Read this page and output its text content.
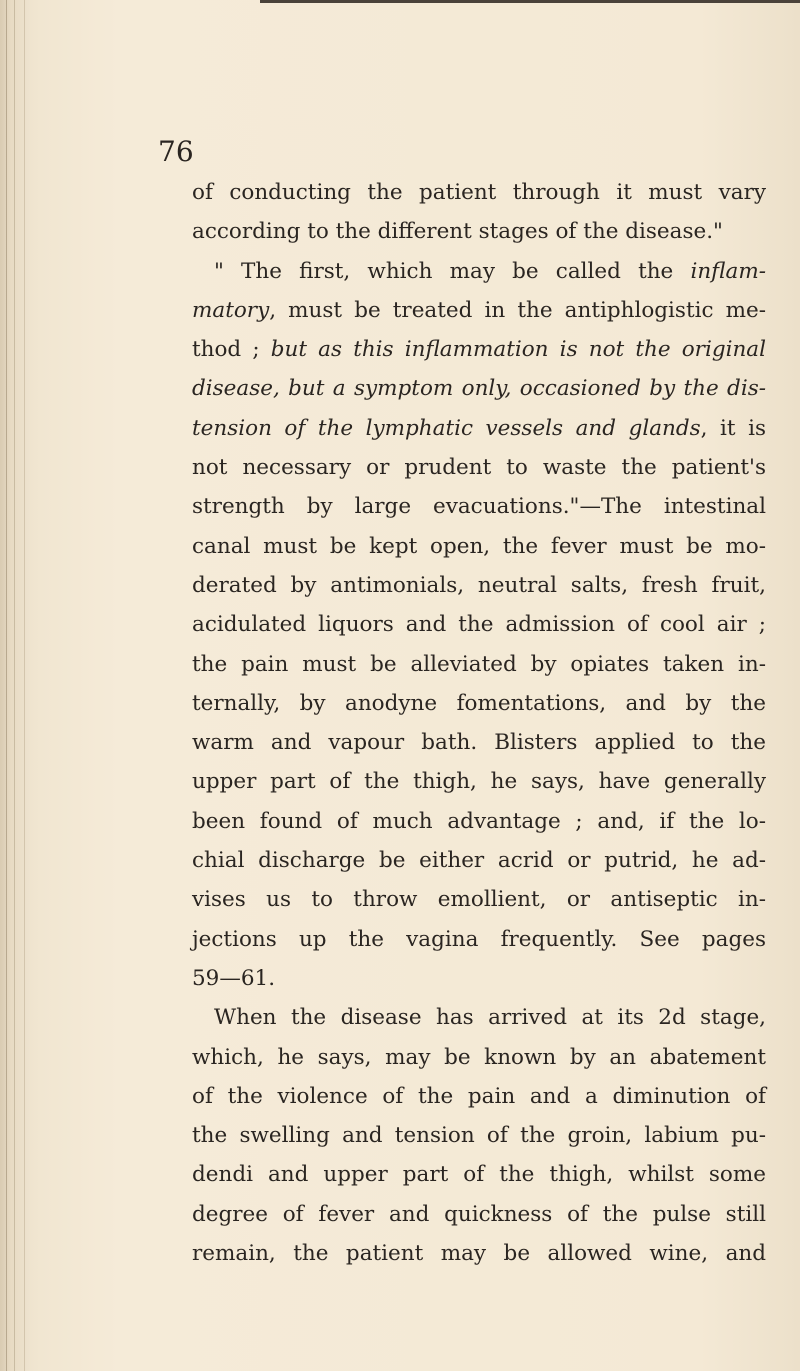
76
of conducting the patient through it must vary
according to the different stages of the disease."
" The first, which may be called the inflam-
matory, must be treated in the antiphlogistic me-
thod ; but as this inflammation is not the original
disease, but a symptom only, occasioned by the dis-
tension of the lymphatic vessels and glands, it is
not necessary or prudent to waste the patient's
strength by large evacuations."—The intestinal
canal must be kept open, the fever must be mo-
derated by antimonials, neutral salts, fresh fruit,
acidulated liquors and the admission of cool air ;
the pain must be alleviated by opiates taken in-
ternally, by anodyne fomentations, and by the
warm and vapour bath. Blisters applied to the
upper part of the thigh, he says, have generally
been found of much advantage ; and, if the lo-
chial discharge be either acrid or putrid, he ad-
vises us to throw emollient, or antiseptic in-
jections up the vagina frequently. See pages
59—61.
When the disease has arrived at its 2d stage,
which, he says, may be known by an abatement
of the violence of the pain and a diminution of
the swelling and tension of the groin, labium pu-
dendi and upper part of the thigh, whilst some
degree of fever and quickness of the pulse still
remain, the patient may be allowed wine, and
